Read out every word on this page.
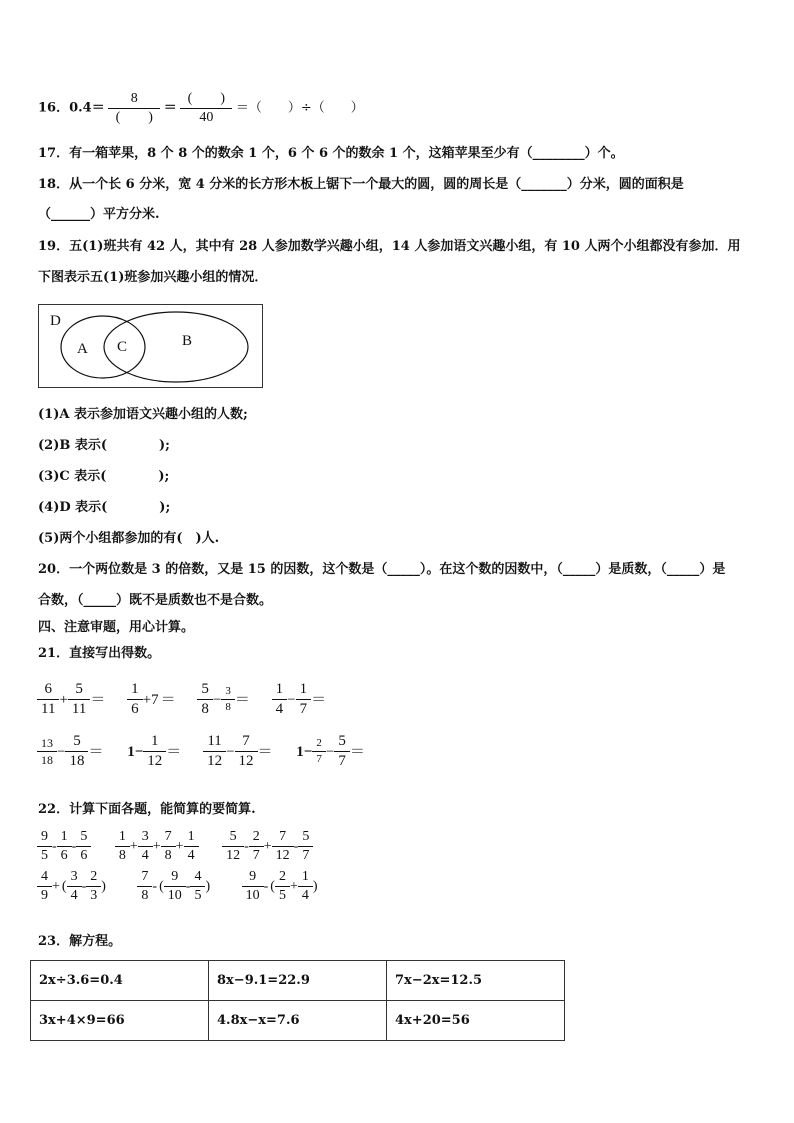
16．$0.4= \frac{8}{( )} = \frac{( )}{40}$ ＝（　　）÷（　　）
17．有一箱苹果，8 个 8 个的数余 1 个，6 个 6 个的数余 1 个，这箱苹果至少有（________）个。
18．从一个长 6 分米，宽 4 分米的长方形木板上锯下一个最大的圆，圆的周长是（_______）分米，圆的面积是
（______）平方分米.
19．五(1)班共有 42 人，其中有 28 人参加数学兴趣小组，14 人参加语文兴趣小组，有 10 人两个小组都没有参加．用
下图表示五(1)班参加兴趣小组的情况．
D
A C	B
(1)A 表示参加语文兴趣小组的人数;
(2)B 表示(　　　　);
(3)C 表示(　　　　);
(4)D 表示(　　　　);
(5)两个小组都参加的有(　)人.
20．一个两位数是 3 的倍数，又是 15 的因数，这个数是（_____）。在这个数的因数中，（_____）是质数，（_____）是
合数，（_____）既不是质数也不是合数。
四、注意审题，用心计算。
21．直接写出得数。
$\frac{6}{11} + \frac{5}{11} = \frac{1}{6} +7 = \frac{5}{8} - \frac{3}{8} = \frac{1}{4} - \frac{1}{7}$ ＝
$\frac{13}{18} - \frac{5}{18} = 1- \frac{1}{12} = \frac{11}{12} - \frac{7}{12} = 1- \frac{2}{7} - \frac{5}{7}$ ＝
22．计算下面各题，能简算的要简算.
$\frac{9}{5} - \frac{1}{6} - \frac{5}{6}$
$\frac{1}{8} + \frac{3}{4} + \frac{7}{8} + \frac{1}{4}$
$\frac{5}{12} - \frac{2}{7} + \frac{7}{12} - \frac{5}{7}$
$\frac{4}{9}$ + ( $\frac{3}{4} - \frac{2}{3}$ ) $\frac{7}{8}$ - ( $\frac{9}{10} - \frac{4}{5}$ ) $\frac{9}{10}$ - ( $\frac{2}{5} + \frac{1}{4}$ )
23．解方程。
2x÷3.6=0.4	8x−9.1=22.9	7x−2x=12.5
3x+4×9=66	4.8x−x=7.6	4x+20=56
